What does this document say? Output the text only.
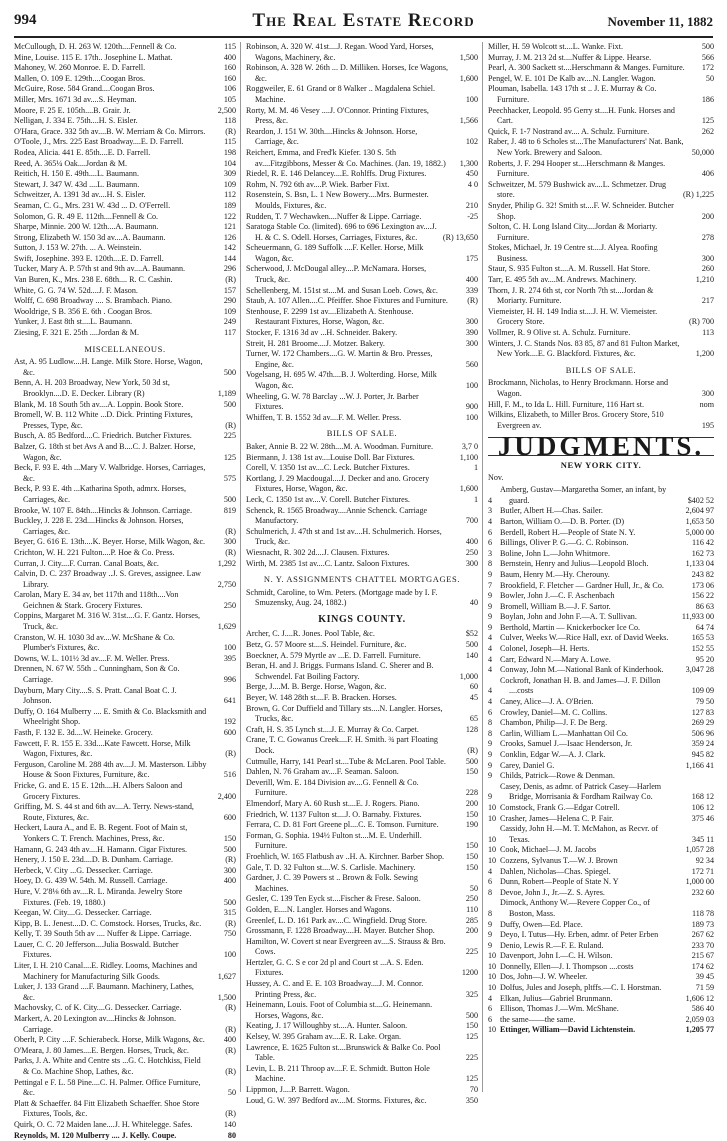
994	The Real Estate Record	November 11, 1882
McCullough, D. H. 263 W. 120th....Fennell & Co.	115
Mine, Louise. 115 E. 17th.. Josephine L. Mathat.	400
Mahoney, W. 260 Monroe. E. D. Farrell.	160
Mallen, O. 109 E. 129th....Coogan Bros.	160
McGuire, Rose. 584 Grand....Coogan Bros.	106
Miller, Mrs. 1671 3d av....S. Heyman.	105
Moore, F. 25 E. 105th....B. Grair. Jr.	2,500
Nelligan, J. 334 E. 75th....H. S. Eisler.	118
O'Hara, Grace. 332 5th av....B. W. Merriam & Co. Mirrors.	(R)
O'Toole, J., Mrs. 225 East Broadway....E. D. Farrell.	115
Rodea, Alicia. 441 E. 85th....E. D. Farrell.	198
Reed, A. 365¼ Oak....Jordan & M.	104
Reitich, H. 150 E. 49th....L. Baumann.	309
Stewart, J. 347 W. 43d ....L. Baumann.	109
Schweitzer, A. 1391 3d av....H. S. Eisler.	112
Seaman, C. G., Mrs. 231 W. 43d ... D. O'Ferrell.	189
Solomon, G. R. 49 E. 112th....Fennell & Co.	122
Sharpe, Minnie. 200 W. 12th....A. Baumann.	121
Strong, Elizabeth W. 150 3d av....A. Baumann.	126
Sutton, J. 153 W. 27th. ... A. Weinstein.	142
Swift, Josephine. 393 E. 120th....E. D. Farrell.	144
Tucker, Mary A. P. 57th st and 9th av....A. Baumann.	296
Van Buren, K., Mrs. 238 E. 68th.... R. C. Cashin.	(R)
White, G. G. 74 W. 52d....J. F. Mason.	157
Wolff, C. 698 Broadway .... S. Brambach. Piano.	290
Wooldrige, S B. 356 E. 6th . Coogan Bros.	109
Yunker, J. East 8th st....L. Baumann.	249
Ziesing, F. 321 E. 25th ....Jordan & M.	117
MISCELLANEOUS.
Ast, A. 95 Ludlow....H. Lange. Milk Store. Horse, Wagon, &c.	500
Benn, A. H. 203 Broadway, New York, 50 3d st, Brooklyn....D. E. Decker. Library (R)	1,189
Blank, M. 18 South 5th av....A. Loppin. Book Store.	500
Bromell, W. B. 112 White ...D. Dick. Printing Fixtures, Presses, Type, &c.	(R)
Busch, A. 85 Bedford....C. Friedrich. Butcher Fixtures.	225
Balzer, G. 18th st bet Avs A and B....C. J. Balzer. Horse, Wagon, &c.	125
Beck, F. 93 E. 4th ...Mary V. Walbridge. Horses, Carriages, &c.	575
Beck, P. 93 E. 4th ...Katharina Spoth, admrx. Horses, Carriages, &c.	500
Brooke, W. 107 E. 84th....Hincks & Johnson. Carriage.	819
Buckley, J. 228 E. 23d....Hincks & Johnson. Horses, Carriages, &c.	(R)
Beyer, G. 616 E. 13th....K. Beyer. Horse, Milk Wagon, &c.	300
Crichton, W. H. 221 Fulton....P. Hoe & Co. Press.	(R)
Curran, J. City....F. Curran. Canal Boats, &c.	1,292
Calvin, D. C. 237 Broadway ..J. S. Greves, assignee. Law Library.	2,750
Carolan, Mary E. 34 av, bet 117th and 118th....Von Geichnen & Stark. Grocery Fixtures.	250
Coppins, Margaret M. 316 W. 31st....G. F. Gantz. Horses, Truck, &c.	1,629
Cranston, W. H. 1030 3d av....W. McShane & Co. Plumber's Fixtures, &c.	100
Downs, W. L. 101½ 3d av....F. M. Weller. Press.	395
Drennen, N. 67 W. 55th .. Cunningham, Son & Co. Carriage.	996
Dayburn, Mary City....S. S. Pratt. Canal Boat C. J. Johnson.	641
Duffy, O. 164 Mulberry .... E. Smith & Co. Blacksmith and Wheelright Shop.	192
Fasth, F. 132 E. 3d....W. Heineke. Grocery.	600
Fawcett, F. R. 155 E. 33d....Kate Fawcett. Horse, Milk Wagon, Fixtures, &c.	(R)
Ferguson, Caroline M. 288 4th av....J. M. Masterson. Libby House & Soon Fixtures, Furniture, &c.	516
Fricke, G. and E. 15 E. 12th....H. Albers Saloon and Grocery Fixtures.	2,400
Griffing, M. S. 44 st and 6th av....A. Terry. News-stand, Route, Fixtures, &c.	600
Heckert, Laura A., and E. B. Regent. Foot of Main st, Yonkers C. T. French. Machines, Press, &c.	150
Hamann, G. 243 4th av....H. Hamann. Cigar Fixtures.	500
Henery, J. 150 E. 23d....D. B. Dunham. Carriage.	(R)
Herbeck, V. City ...G. Dessecker. Carriage.	300
Hoey, D. G. 439 W. 54th. M. Russell. Carriage.	400
Hure, V. 2'8⅛ 6th av....R. L. Miranda. Jewelry Store Fixtures. (Feb. 19, 1880.)	500
Keegan, W. City....G. Dessecker. Carriage.	315
Kipp, B. L. Jenest....D. C. Comstock. Horses, Trucks, &c.	(R)
Kelly, T. 39 South 5th av .... Nuffer & Lippe. Carriage.	750
Lauer, C. C. 20 Jefferson....Julia Boswald. Butcher Fixtures.	100
Liter, I. H. 210 Canal....E. Ridley. Looms, Machines and Machinery for Manufacturing Silk Goods.	1,627
Luker, J. 133 Grand ....F. Baumann. Machinery, Lathes, &c.	1,500
Machovsky, C. of K. City....G. Dessecker. Carriage.	(R)
Markert, A. 20 Lexington av....Hincks & Johnson. Carriage.	(R)
Oberlt, P. City ....F. Schierabeck. Horse, Milk Wagons, &c.	400
O'Meara, J. 80 James....E. Bergen. Horses, Truck, &c.	(R)
Parks, J. A. White and Centre sts ...G. C. Hotchkiss, Field & Co. Machine Shop, Lathes, &c.	(R)
Pettingal e F. L. 58 Pine....C. H. Palmer. Office Furniture, &c.	50
Platt & Schaeffer. 84 Fitt Elizabeth Schaeffer. Shoe Store Fixtures, Tools, &c.	(R)
Quirk, O. C. 72 Maiden lane....J. H. Whitelegge. Safes.	140
Reynolds, M. 120 Mulberry .... J. Kelly. Coupe.	80
Robinson, A. 320 W. 41st....J. Regan. Wood Yard, Horses, Wagons, Machinery, &c.	1,500
Robinson, A. 328 W. 26th ... D. Milliken. Horses, Ice Wagons, &c.	1,600
Roggweiler, E. 61 Grand or 8 Walker .. Magdalena Schiel. Machine.	100
Rorty, M. M. 46 Vesey ....J. O'Connor. Printing Fixtures, Press, &c.	1,566
Reardon, J. 151 W. 30th....Hincks & Johnson. Horse, Carriage, &c.	102
Reichert, Emma, and Fred'k Kiefer. 130 S. 5th av....Fitzgibbons, Messer & Co. Machines. (Jan. 19, 1882.)	1,300
Riedel, R. E. 146 Delancey....E. Rohlffs. Drug Fixtures.	450
Rohm, N. 792 6th av....P. Wiek. Barber Fixt.	4 0
Rosenstein, S. Bsn, L. 1 New Bowery....Mrs. Burmester. Moulds, Fixtures, &c.	210
Rudden, T. 7 Wechawken....Nuffer & Lippe. Carriage.	-25
Saratoga Stable Co. (limited). 696 to 696 Lexington av....J. H. & C. S. Odell. Horses, Carriages, Fixtures, &c.	(R) 13,650
Scheuermann, G. 189 Suffolk ....F. Keller. Horse, Milk Wagon, &c.	175
Scherwood, J. McDougal alley....P. McNamara. Horses, Truck, &c.	400
Schellenberg, M. 151st st....M. and Susan Loeb. Cows, &c.	339
Staub, A. 107 Allen....C. Pfeiffer. Shoe Fixtures and Furniture.	(R)
Stenhouse, F. 2299 1st av....Elizabeth A. Stenhouse. Restaurant Fixtures, Horse, Wagon, &c.	300
Stocker, F. 1316 3d av ...H. Schneider. Bakery.	390
Streit, H. 281 Broome....J. Motzer. Bakery.	300
Turner, W. 172 Chambers....G. W. Martin & Bro. Presses, Engine, &c.	560
Vogelsang, H. 695 W. 47th....B. J. Wolterding. Horse, Milk Wagon, &c.	100
Wheeling, G. W. 78 Barclay ...W. J. Porter, Jr. Barber Fixtures.	900
Whiffen, T. B. 1552 3d av....F. M. Weller. Press.	100
BILLS OF SALE.
Baker, Annie B. 22 W. 28th....M. A. Woodman. Furniture.	3,7 0
Biermann, J. 138 1st av....Louise Doll. Bar Fixtures.	1,100
Corell, V. 1350 1st av....C. Leck. Butcher Fixtures.	1
Kortlang, J. 29 Macdougal....J. Decker and ano. Grocery Fixtures, Horse, Wagon, &c.	1,600
Leck, C. 1350 1st av....V. Corell. Butcher Fixtures.	1
Schenck, R. 1565 Broadway....Annie Schenck. Carriage Manufactory.	700
Schulmerich, J. 47th st and 1st av....H. Schulmerich. Horses, Truck, &c.	400
Wiesnacht, R. 302 2d....J. Clausen. Fixtures.	250
Wirth, M. 2385 1st av....C. Lantz. Saloon Fixtures.	300
N. Y. ASSIGNMENTS CHATTEL MORTGAGES.
Schmidt, Caroline, to Wm. Peters. (Mortgage made by I. F. Smuzensky, Aug. 24, 1882.)	40
KINGS COUNTY.
Archer, C. J....R. Jones. Pool Table, &c.	$52
Betz, G. 57 Moore st....S. Heindel. Furniture, &c.	500
Boeckner, A. 579 Myrtle av ...E. D. Farrell. Furniture.	140
Beran, H. and J. Briggs. Furmans Island. C. Sherer and B. Schwendel. Fat Boiling Factory.	1,000
Berge, J....M. B. Berge. Horse, Wagon, &c.	60
Beyer, W. 148 28th st....F. B. Bracken. Horses.	45
Brown, G. Cor Duffield and Tillary sts....N. Langler. Horses, Trucks, &c.	65
Craft, H. S. 35 Lynch st....J. E. Murray & Co. Carpet.	128
Crane, T. C. Gowanus Creek....F. H. Smith. ¾ part Floating Dock.	(R)
Cutmulle, Harry, 141 Pearl st....Tube & McLaren. Pool Table.	500
Dahlen, N. 76 Graham av....F. Seaman. Saloon.	150
Deverill, Wm. E. 184 Division av....G. Fennell & Co. Furniture.	228
Elmendorf, Mary A. 60 Rush st....E. J. Rogers. Piano.	200
Friedrich, W. 1137 Fulton st....J. O. Barnaby. Fixtures.	150
Ferrara, C. D. 81 Fort Greene pl....C. E. Tomson. Furniture.	190
Forman, G. Sophia. 194½ Fulton st....M. E. Underhill. Furniture.	150
Froehlich, W. 165 Flatbush av ..H. A. Kirchner. Barber Shop.	150
Gale, T. D. 32 Fulton st....W. S. Carlisle. Machinery.	150
Gardner, J. C. 39 Powers st .. Brown & Folk. Sewing Machines.	50
Gesler, C. 139 Ten Eyck st....Fischer & Frese. Saloon.	250
Golden, E....N. Langler. Horses and Wagons.	110
Greenlef, L. D. 161 Park av....C. Wingfield. Drug Store.	285
Grossmann, F. 1228 Broadway....H. Mayer. Butcher Shop.	200
Hamilton, W. Covert st near Evergreen av....S. Strauss & Bro. Cows.	225
Hertzler, G. C. S e cor 2d pl and Court st ...A. S. Eden. Fixtures.	1200
Hussey, A. C. and E. E. 103 Broadway....J. M. Connor. Printing Press, &c.	325
Heinemann, Louis. Foot of Columbia st....G. Heinemann. Horses, Wagons, &c.	500
Keating, J. 17 Willoughby st....A. Hunter. Saloon.	150
Kelsey, W. 395 Graham av....E. R. Lake. Organ.	125
Lawrence, E. 1625 Fulton st....Brunswick & Balke Co. Pool Table.	225
Levin, L. B. 211 Throop av....F. E. Schmidt. Button Hole Machine.	125
Lippmon, J....P. Barrett. Wagon.	70
Loud, G. W. 397 Bedford av....M. Storms. Fixtures, &c.	350
Miller, H. 59 Wolcott st....L. Wanke. Fixt.	500
Murray, J. M. 213 2d st....Nuffer & Lippe. Hearse.	566
Pearl, A. 300 Sackett st....Herschmann & Manges. Furniture.	172
Pengel, W. E. 101 De Kalb av....N. Langler. Wagon.	50
Plouman, Isabella. 143 17th st .. J. E. Murray & Co. Furniture.	186
Peechhacker, Leopold. 95 Gerry st....H. Funk. Horses and Cart.	125
Quick, F. 1-7 Nostrand av.... A. Schulz. Furniture.	262
Raber, J. 48 to 6 Scholes st....The Manufacturers' Nat. Bank, New York. Brewery and Saloon.	50,000
Roberts, J. F. 294 Hooper st....Herschmann & Manges. Furniture.	406
Schweitzer, M. 579 Bushwick av....L. Schmetzer. Drug store.	(R) 1,225
Snyder, Philip G. 32! Smith st....F. W. Schneider. Butcher Shop.	200
Solton, C. H. Long Island City....Jordan & Moriarty. Furniture.	278
Stokes, Michael, Jr. 19 Centre st....J. Alyea. Roofing Business.	300
Staur, S. 935 Fulton st....A. M. Russell. Hat Store.	260
Tarr, E. 495 5th av....M. Andrews. Machinery.	1,210
Thorn, J. R. 274 6th st, cor North 7th st....Jordan & Moriarty. Furniture.	217
Viemeister, H. H. 149 India st....J. H. W. Viemeister. Grocery Store.	(R) 700
Vollmer, R. 9 Olive st. A. Schulz. Furniture.	113
Winters, J. C. Stands Nos. 83 85, 87 and 81 Fulton Market, New York....E. G. Blackford. Fixtures, &c.	1,200
BILLS OF SALE.
Brockmann, Nicholas, to Henry Brockmann. Horse and Wagon.	300
Hill, F. M., to Ida L. Hill. Furniture, 116 Hart st.	nom
Wilkins, Elizabeth, to Miller Bros. Grocery Store, 510 Evergreen av.	195
JUDGMENTS.
NEW YORK CITY.
Nov.
4
Amberg, Gustav—Margaretha Somer, an infant, by guard.	$402 52
3 Butler, Albert H.—Chas. Sailer.	2,604 97
4 Barton, William O.—D. B. Porter. (D)	1,653 50
6 Berdell, Robert H.—People of State N. Y.	5,000 00
6 Billings, Oliver P. G.—G. C. Robinson.	116 42
3 Boline, John L.—John Whitmore.	162 73
8 Bernstein, Henry and Julius—Leopold Bloch.	1,133 04
9 Baum, Henry M.—Hy. Cherouny.	243 82
7 Brookfield, F. Fletcher — Gardner Hull, Jr., & Co.	173 06
9 Bowler, John J.—C. F. Aschenbach	156 22
9 Bromell, William B.—J. F. Sartor.	86 63
9 Boylan, John and John F.—A. T. Sullivan.	11,933 00
9 Berthold, Martin — Knickerbocker Ice Co.	64 74
4 Culver, Weeks W.—Rice Hall, exr. of David Weeks.	165 53
4 Colonel, Joseph—H. Herts.	152 55
4 Carr, Edward N.—Mary A. Lowe.	95 20
4 Conway, John M.—National Bank of Kinderhook.	3,047 28
4
Cockroft, Jonathan H. B. and James—J. F. Dillon ....costs	109 09
4 Caney, Alice—J. A. O'Brien.	79 50
6 Crowley, Daniel—M. C. Collins.	127 83
8 Chambon, Philip—J. F. De Berg.	269 29
8 Carlin, William L.—Manhattan Oil Co.	506 96
9 Crooks, Samuel J.—Isaac Henderson, Jr.	359 24
9 Conklin, Edgar W.—A. J. Clark.	945 82
9 Carey, Daniel G.	1,166 41
9 Childs, Patrick—Rowe & Denman.
9
Casey, Denis, as admr. of Patrick Casey—Harlem Bridge, Morrisania & Fordham Railway Co.	168 12
10 Comstock, Frank G.—Edgar Cotrell.	106 12
10 Crasher, James—Helena C. P. Fair.	375 46
10
Cassidy, John H.—M. T. McMahon, as Recvr. of Texas.	345 11
10 Cook, Michael—J. M. Jacobs	1,057 28
10 Cozzens, Sylvanus T.—W. J. Brown	92 34
4 Dahlen, Nicholas—Chas. Spiegel.	172 71
6 Dunn, Robert—People of State N. Y	1,000 00
8 Devoe, John J., Jr.—Z. S. Ayres.	232 60
8
Dimock, Anthony W.—Revere Copper Co., of Boston, Mass.	118 78
9 Duffy, Owen—Ed. Place.	189 73
9 Deyo, I. Tutus—Hy. Erben, admr. of Peter Erben	267 62
9 Denio, Lewis R.—F. E. Ruland.	233 70
10 Davenport, John I.—C. H. Wilson.	215 67
10 Donnelly, Ellen—J. I. Thompson ....costs	174 62
10 Dos, John—J. W. Wheeler.	39 45
10 Dolfus, Jules and Joseph, pltffs.—C. I. Horstman.	71 59
4 Elkan, Julius—Gabriel Brunmann.	1,606 12
6 Ellison, Thomas J.—Wm. McShane.	586 40
6 the same——the same.	2,059 03
10 Ettinger, William—David Lichtenstein.	1,205 77
